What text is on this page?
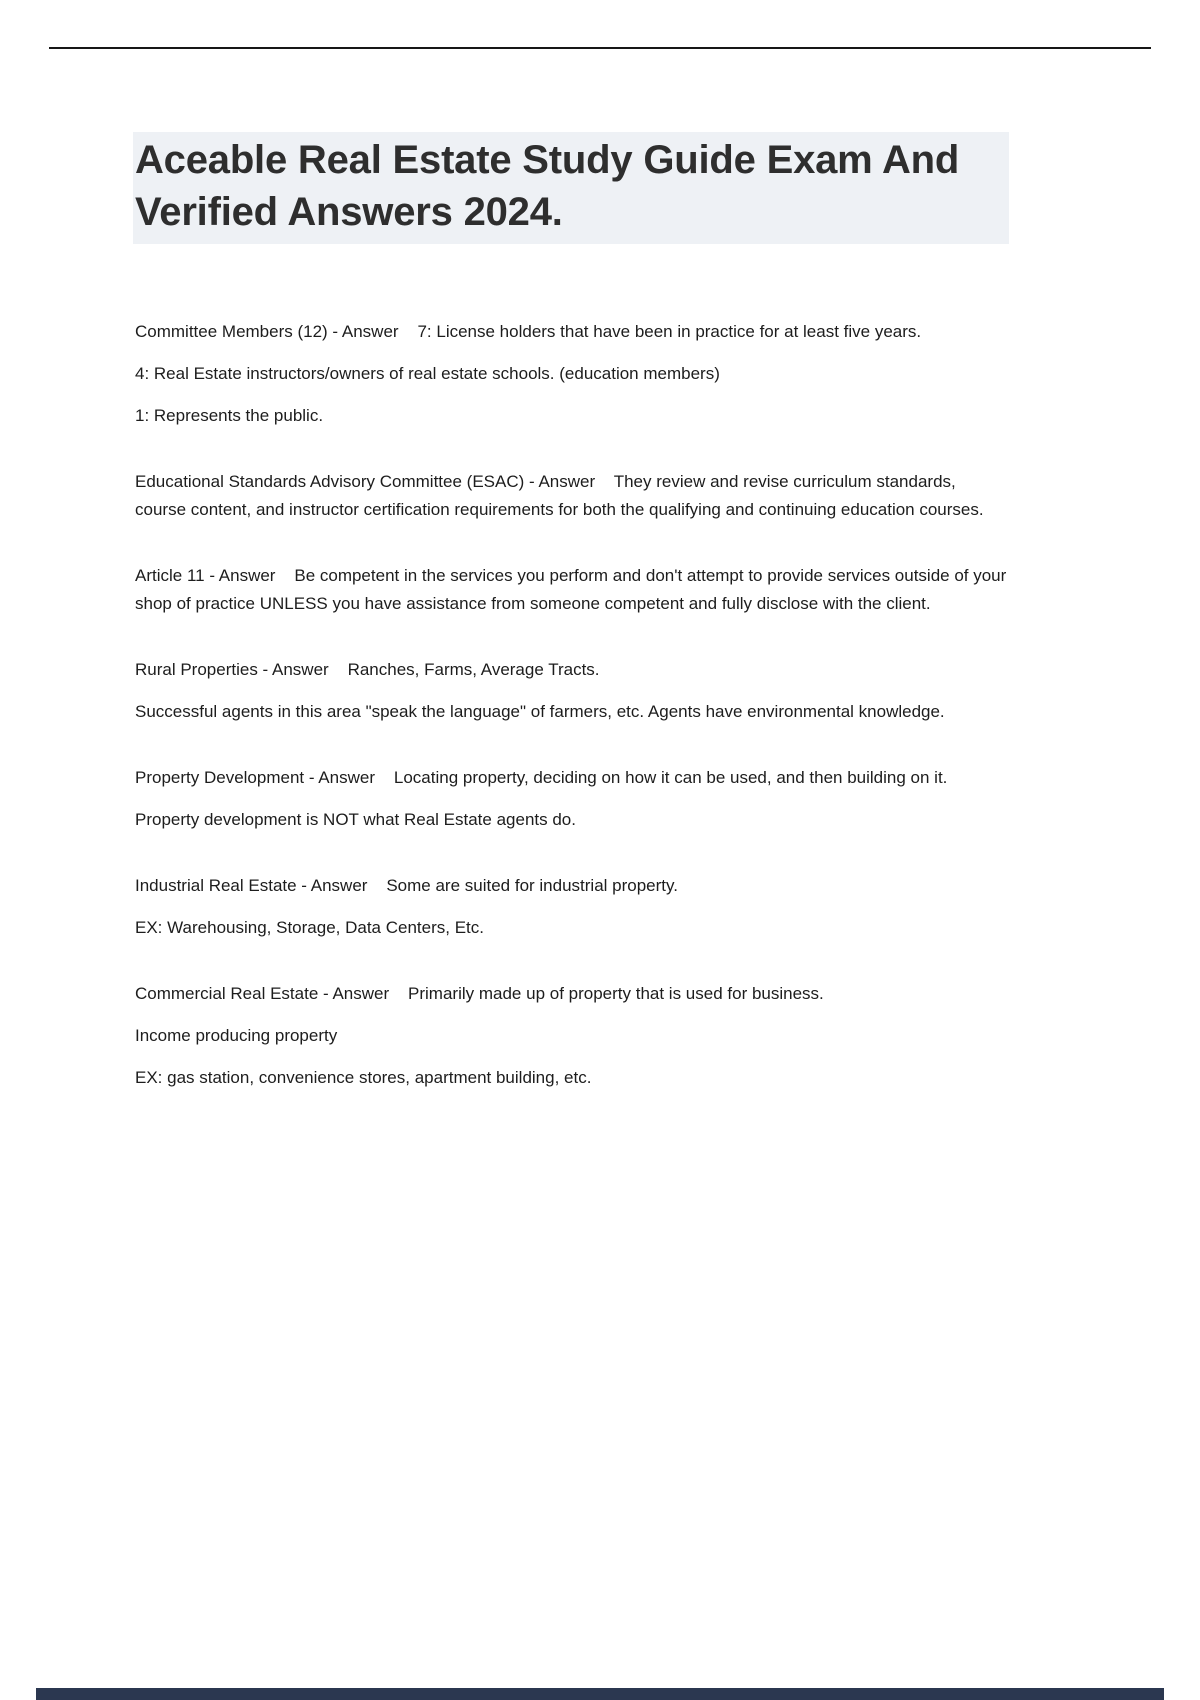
Aceable Real Estate Study Guide Exam And Verified Answers 2024.

Committee Members (12) - Answer    7: License holders that have been in practice for at least five years.

4: Real Estate instructors/owners of real estate schools. (education members)

1: Represents the public.

Educational Standards Advisory Committee (ESAC) - Answer    They review and revise curriculum standards, course content, and instructor certification requirements for both the qualifying and continuing education courses.

Article 11 - Answer    Be competent in the services you perform and don't attempt to provide services outside of your shop of practice UNLESS you have assistance from someone competent and fully disclose with the client.

Rural Properties - Answer    Ranches, Farms, Average Tracts.

Successful agents in this area "speak the language" of farmers, etc. Agents have environmental knowledge.

Property Development - Answer    Locating property, deciding on how it can be used, and then building on it.

Property development is NOT what Real Estate agents do.

Industrial Real Estate - Answer    Some are suited for industrial property.

EX: Warehousing, Storage, Data Centers, Etc.

Commercial Real Estate - Answer    Primarily made up of property that is used for business.

Income producing property

EX: gas station, convenience stores, apartment building, etc.
